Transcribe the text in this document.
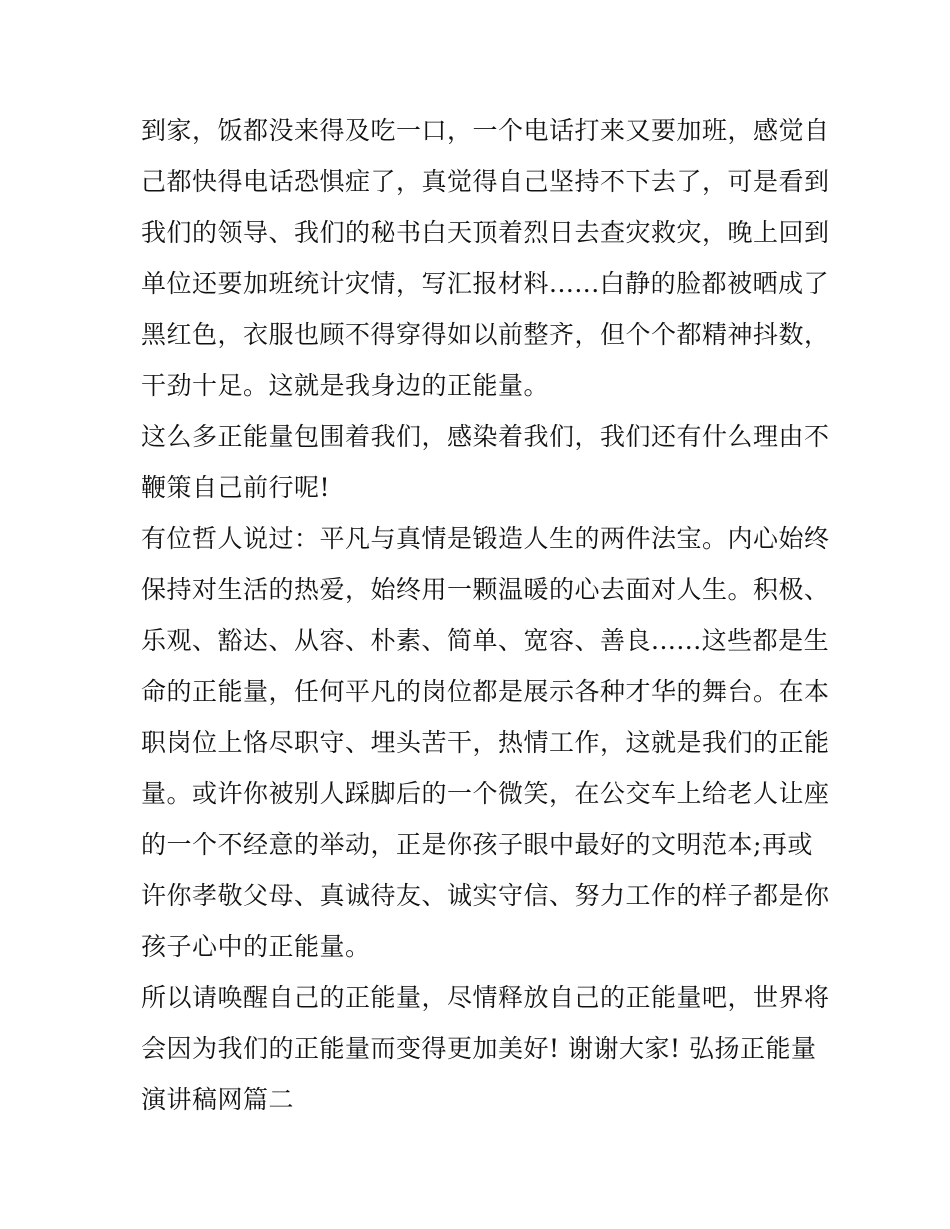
到家，饭都没来得及吃一口，一个电话打来又要加班，感觉自
己都快得电话恐惧症了，真觉得自己坚持不下去了，可是看到
我们的领导、我们的秘书白天顶着烈日去查灾救灾，晚上回到
单位还要加班统计灾情，写汇报材料......白静的脸都被晒成了
黑红色，衣服也顾不得穿得如以前整齐，但个个都精神抖数，
干劲十足。这就是我身边的正能量。
这么多正能量包围着我们，感染着我们，我们还有什么理由不
鞭策自己前行呢!
有位哲人说过：平凡与真情是锻造人生的两件法宝。内心始终
保持对生活的热爱，始终用一颗温暖的心去面对人生。积极、
乐观、豁达、从容、朴素、简单、宽容、善良......这些都是生
命的正能量，任何平凡的岗位都是展示各种才华的舞台。在本
职岗位上恪尽职守、埋头苦干，热情工作，这就是我们的正能
量。或许你被别人踩脚后的一个微笑，在公交车上给老人让座
的一个不经意的举动，正是你孩子眼中最好的文明范本;再或
许你孝敬父母、真诚待友、诚实守信、努力工作的样子都是你
孩子心中的正能量。
所以请唤醒自己的正能量，尽情释放自己的正能量吧，世界将
会因为我们的正能量而变得更加美好! 谢谢大家! 弘扬正能量
演讲稿网篇二
